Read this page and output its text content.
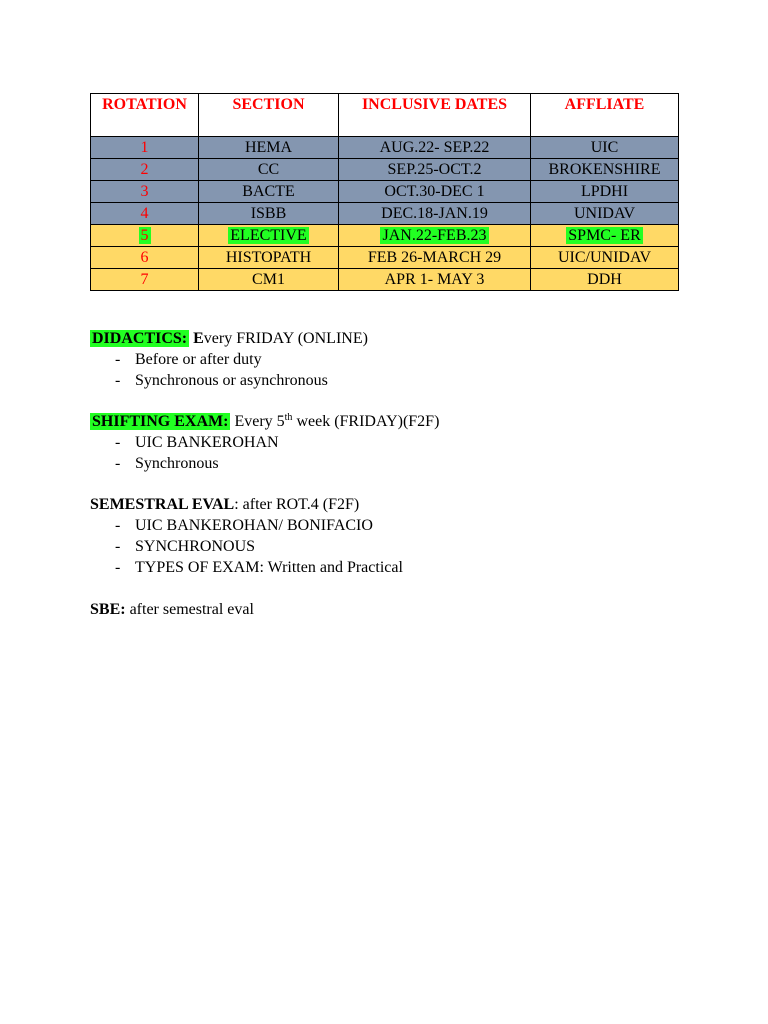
ROTATION	SECTION	INCLUSIVE DATES	AFFLIATE
1	HEMA	AUG.22- SEP.22	UIC
2	CC	SEP.25-OCT.2	BROKENSHIRE
3	BACTE	OCT.30-DEC 1	LPDHI
4	ISBB	DEC.18-JAN.19	UNIDAV
5	ELECTIVE	JAN.22-FEB.23	SPMC- ER
6	HISTOPATH	FEB 26-MARCH 29	UIC/UNIDAV
7	CM1	APR 1- MAY 3	DDH
DIDACTICS: Every FRIDAY (ONLINE)
- Before or after duty
- Synchronous or asynchronous
SHIFTING EXAM: Every 5th week (FRIDAY)(F2F)
- UIC BANKEROHAN
- Synchronous
SEMESTRAL EVAL: after ROT.4 (F2F)
- UIC BANKEROHAN/ BONIFACIO
- SYNCHRONOUS
- TYPES OF EXAM: Written and Practical
SBE: after semestral eval
